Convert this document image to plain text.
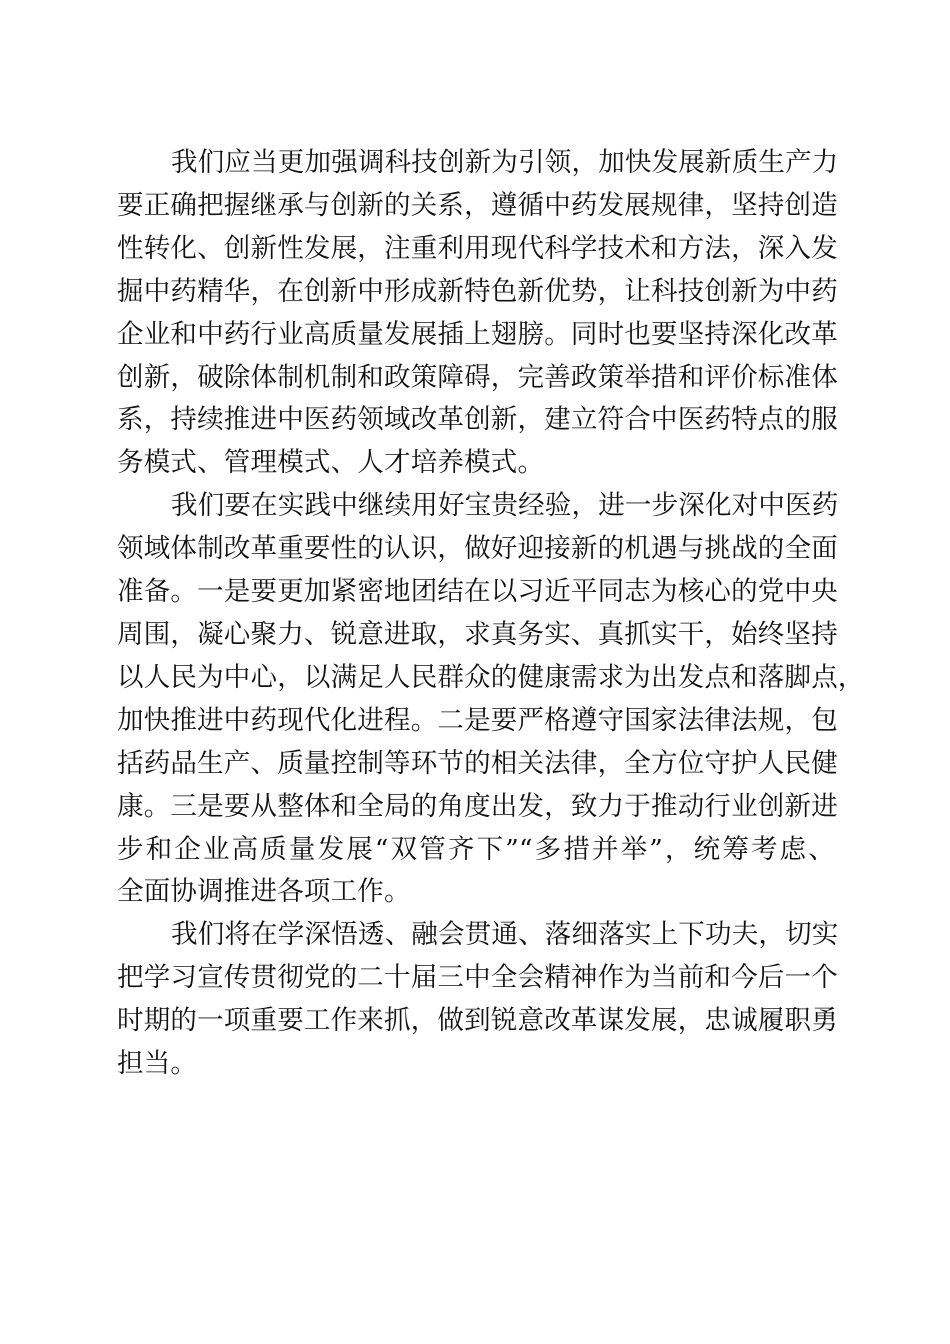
我们应当更加强调科技创新为引领，加快发展新质生产力
要正确把握继承与创新的关系，遵循中药发展规律，坚持创造
性转化、创新性发展，注重利用现代科学技术和方法，深入发
掘中药精华，在创新中形成新特色新优势，让科技创新为中药
企业和中药行业高质量发展插上翅膀。同时也要坚持深化改革
创新，破除体制机制和政策障碍，完善政策举措和评价标准体
系，持续推进中医药领域改革创新，建立符合中医药特点的服
务模式、管理模式、人才培养模式。
我们要在实践中继续用好宝贵经验，进一步深化对中医药
领域体制改革重要性的认识，做好迎接新的机遇与挑战的全面
准备。一是要更加紧密地团结在以习近平同志为核心的党中央
周围，凝心聚力、锐意进取，求真务实、真抓实干，始终坚持
以人民为中心，以满足人民群众的健康需求为出发点和落脚点，
加快推进中药现代化进程。二是要严格遵守国家法律法规，包
括药品生产、质量控制等环节的相关法律，全方位守护人民健
康。三是要从整体和全局的角度出发，致力于推动行业创新进
步和企业高质量发展“双管齐下”“多措并举”，统筹考虑、
全面协调推进各项工作。
我们将在学深悟透、融会贯通、落细落实上下功夫，切实
把学习宣传贯彻党的二十届三中全会精神作为当前和今后一个
时期的一项重要工作来抓，做到锐意改革谋发展，忠诚履职勇
担当。
